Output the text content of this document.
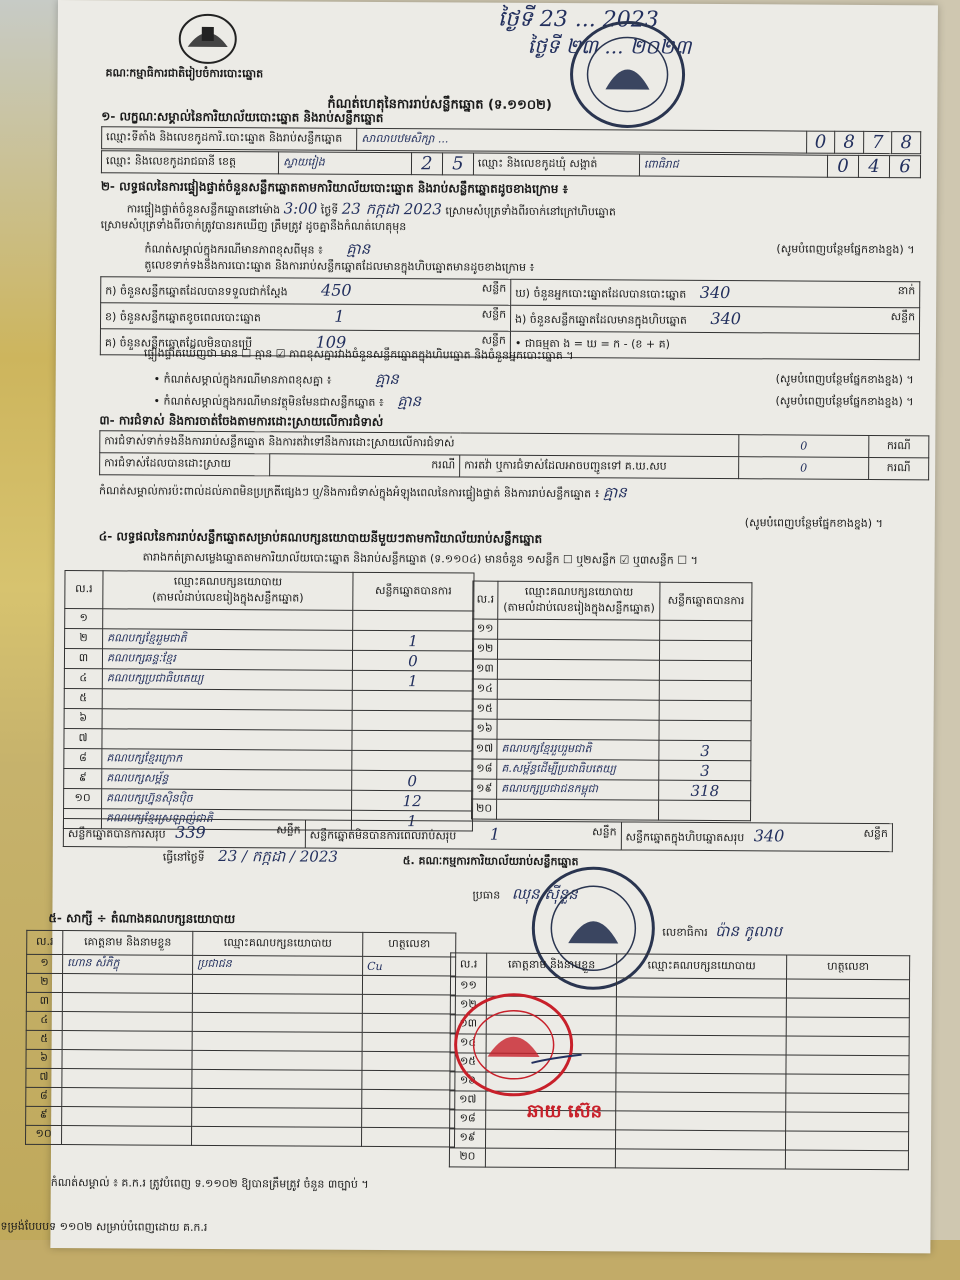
ថ្ងៃទី 23 ... 2023
ថ្ងៃទី ២៣ ... ២០២៣
គណៈកម្មាធិការជាតិរៀបចំការបោះឆ្នោត
កំណត់ហេតុនៃការរាប់សន្លឹកឆ្នោត (ទ.១១០២)
១- លក្ខណៈសម្គាល់នៃការិយាល័យបោះឆ្នោត និងរាប់សន្លឹកឆ្នោត
ឈ្មោះទីតាំង និងលេខកូដការិ.បោះឆ្នោត និងរាប់សន្លឹកឆ្នោត	សាលាបឋមសិក្សា ...	0	8	7	8
ឈ្មោះ និងលេខកូដរាជធានី ខេត្ត	ស្វាយរៀង	2	5	ឈ្មោះ និងលេខកូដឃុំ សង្កាត់	ពោធិរាជ	0	4	6
២- លទ្ធផលនៃការផ្ទៀងផ្ទាត់ចំនួនសន្លឹកឆ្នោតតាមការិយាល័យបោះឆ្នោត និងរាប់សន្លឹកឆ្នោតដូចខាងក្រោម ៖
ការផ្ទៀងផ្ទាត់ចំនួនសន្លឹកឆ្នោតនៅម៉ោង 3:00 ថ្ងៃទី 23 កក្កដា 2023 ស្រោមសំបុត្រទាំងពីរចាក់នៅក្រៅហិបឆ្នោត
ស្រោមសំបុត្រទាំងពីរចាក់ត្រូវបានរកឃើញ ត្រឹមត្រូវ ដូចគ្នានឹងកំណត់ហេតុមុន
កំណត់សម្គាល់ក្នុងករណីមានភាពខុសពីមុន ៖ គ្មាន	(សូមបំពេញបន្ថែមផ្នែកខាងខ្នង) ។
តួលេខទាក់ទងនឹងការបោះឆ្នោត និងការរាប់សន្លឹកឆ្នោតដែលមានក្នុងហិបឆ្នោតមានដូចខាងក្រោម ៖
ក) ចំនួនសន្លឹកឆ្នោតដែលបានទទួលជាក់ស្តែង 450 សន្លឹក	ឃ) ចំនួនអ្នកបោះឆ្នោតដែលបានបោះឆ្នោត 340 នាក់

ខ) ចំនួនសន្លឹកឆ្នោតខូចពេលបោះឆ្នោត 1 សន្លឹក	ង) ចំនួនសន្លឹកឆ្នោតដែលមានក្នុងហិបឆ្នោត 340 សន្លឹក

គ) ចំនួនសន្លឹកឆ្នោតដែលមិនបានប្រើ 109 សន្លឹក	• ជាធម្មតា ង = ឃ = ក - (ខ + គ)
ផ្ទៀងផ្ទាត់ឃើញថា មាន ☐ គ្មាន ☑ ភាពខុសគ្នារវាងចំនួនសន្លឹកឆ្នោតក្នុងហិបឆ្នោត និងចំនួនអ្នកបោះឆ្នោត ។
• កំណត់សម្គាល់ក្នុងករណីមានភាពខុសគ្នា ៖	គ្មាន	(សូមបំពេញបន្ថែមផ្នែកខាងខ្នង) ។
• កំណត់សម្គាល់ក្នុងករណីមានវត្ថុមិនមែនជាសន្លឹកឆ្នោត ៖ គ្មាន	(សូមបំពេញបន្ថែមផ្នែកខាងខ្នង) ។
៣- ការជំទាស់ និងការចាត់ចែងតាមការដោះស្រាយលើការជំទាស់
ការជំទាស់ទាក់ទងនឹងការរាប់សន្លឹកឆ្នោត និងការតវ៉ាទៅនឹងការដោះស្រាយលើការជំទាស់			0	ករណី
ការជំទាស់ដែលបានដោះស្រាយ	ករណី	ការតវ៉ា ឬការជំទាស់ដែលអាចបញ្ជូនទៅ គ.ឃ.សប	0	ករណី
កំណត់សម្គាល់ការប៉ះពាល់ដល់ភាពមិនប្រក្រតីផ្សេងៗ ឬ/និងការជំទាស់ក្នុងអំឡុងពេលនៃការផ្ទៀងផ្ទាត់ និងការរាប់សន្លឹកឆ្នោត ៖ គ្មាន
(សូមបំពេញបន្ថែមផ្នែកខាងខ្នង) ។
៤- លទ្ធផលនៃការរាប់សន្លឹកឆ្នោតសម្រាប់គណបក្សនយោបាយនីមួយៗតាមការិយាល័យរាប់សន្លឹកឆ្នោត
តារាងកត់ត្រាសម្លេងឆ្នោតតាមការិយាល័យបោះឆ្នោត និងរាប់សន្លឹកឆ្នោត (ទ.១១០៤) មានចំនួន ១សន្លឹក ☐ ឬ២សន្លឹក ☑ ឬ៣សន្លឹក ☐ ។
ល.រ	ឈ្មោះគណបក្សនយោបាយ
(តាមលំដាប់លេខរៀងក្នុងសន្លឹកឆ្នោត)	សន្លឹកឆ្នោតបានការ
១		
២	គណបក្សខ្មែររួមជាតិ	1
៣	គណបក្សឆន្ទៈខ្មែរ	0
៤	គណបក្សប្រជាធិបតេយ្យ	1
៥		
៦		
៧		
៨	គណបក្សខ្មែរក្រោក	
៩	គណបក្សសម្ព័ន្ធ	0
១០	គណបក្សហ្វ៊ុនស៊ិនប៉ិច	12
	គណបក្សខ្មែរស្រឡាញ់ជាតិ	1
ល.រ	ឈ្មោះគណបក្សនយោបាយ
(តាមលំដាប់លេខរៀងក្នុងសន្លឹកឆ្នោត)	សន្លឹកឆ្នោតបានការ
១១		
១២		
១៣		
១៤		
១៥		
១៦		
១៧	គណបក្សខ្មែររួបរួមជាតិ	3
១៨	គ.សម្ព័ន្ធដើម្បីប្រជាធិបតេយ្យ	3
១៩	គណបក្សប្រជាជនកម្ពុជា	318
២០		
សន្លឹកឆ្នោតបានការសរុប 339	សន្លឹក	សន្លឹកឆ្នោតមិនបានការពេលរាប់សរុប 1	សន្លឹក	សន្លឹកឆ្នោតក្នុងហិបឆ្នោតសរុប 340	សន្លឹក
ធ្វើនៅថ្ងៃទី 23 / កក្កដា / 2023	៥. គណៈកម្មការការិយាល័យរាប់សន្លឹកឆ្នោត
ប្រធាន ឈុន ស៊ីនួន
៥- សាក្សី ÷ តំណាងគណបក្សនយោបាយ
លេខាធិការ ប៉ាន កូលាប
ល.រ	គោត្តនាម និងនាមខ្លួន	ឈ្មោះគណបក្សនយោបាយ	ហត្ថលេខា
១	ហោន សំភិក្ខុ	ប្រជាជន	Cu
២			
៣			
៤			
៥			
៦			
៧			
៨			
៩			
១០			
ល.រ	គោត្តនាម និងនាមខ្លួន	ឈ្មោះគណបក្សនយោបាយ	ហត្ថលេខា
១១			
១២			
១៣			
១៤			
១៥			
១៦			
១៧			
១៨			
១៩			
២០			
ឆាយ ស៊េន
កំណត់សម្គាល់ ៖ គ.ក.រ ត្រូវបំពេញ ទ.១១០២ ឱ្យបានត្រឹមត្រូវ ចំនួន ៣ច្បាប់ ។
ទម្រង់បែបបទ ១១០២ សម្រាប់បំពេញដោយ គ.ក.រ
